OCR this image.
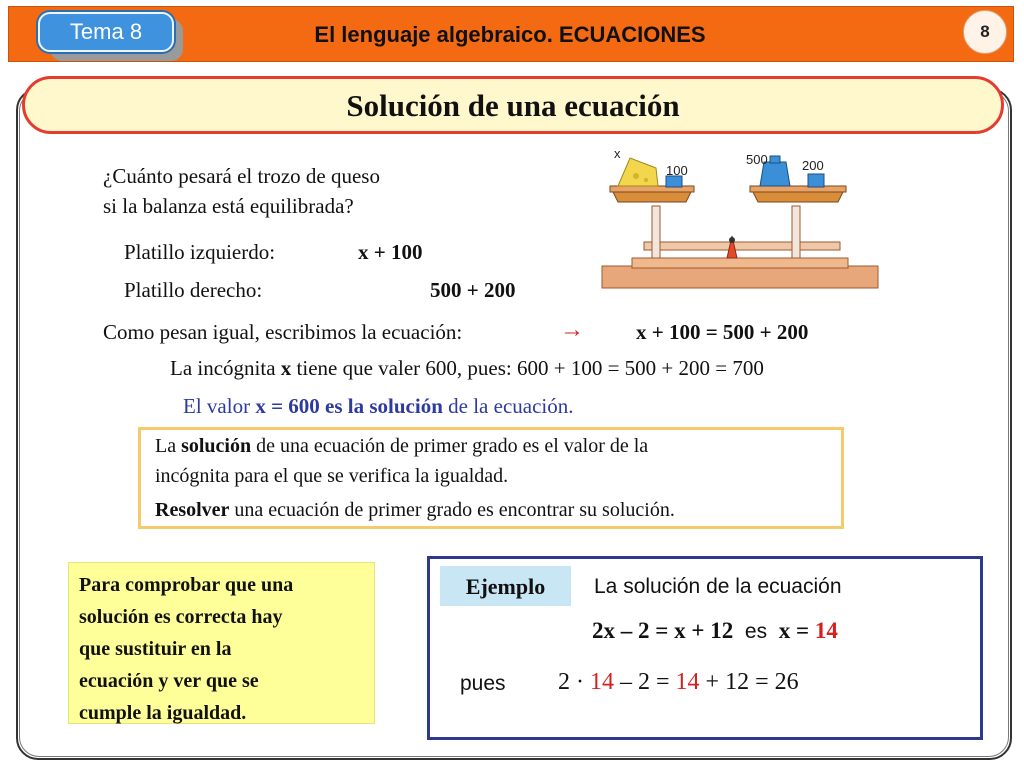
Tema 8	El lenguaje algebraico. ECUACIONES	8
Solución de una ecuación
¿Cuánto pesará el trozo de queso
si la balanza está equilibrada?
Platillo izquierdo:	x + 100
Platillo derecho:	500 + 200
Como pesan igual, escribimos la ecuación:	→ x + 100 = 500 + 200
La incógnita x tiene que valer 600, pues: 600 + 100 = 500 + 200 = 700
El valor x = 600 es la solución de la ecuación.
x
100
500	200
La solución de una ecuación de primer grado es el valor de la
incógnita para el que se verifica la igualdad.
Resolver una ecuación de primer grado es encontrar su solución.
Para comprobar que una
solución es correcta hay
que sustituir en la
ecuación y ver que se
cumple la igualdad.
Ejemplo	La solución de la ecuación
2x – 2 = x + 12 es x = 14
pues 2 · 14 – 2 = 14 + 12 = 26
